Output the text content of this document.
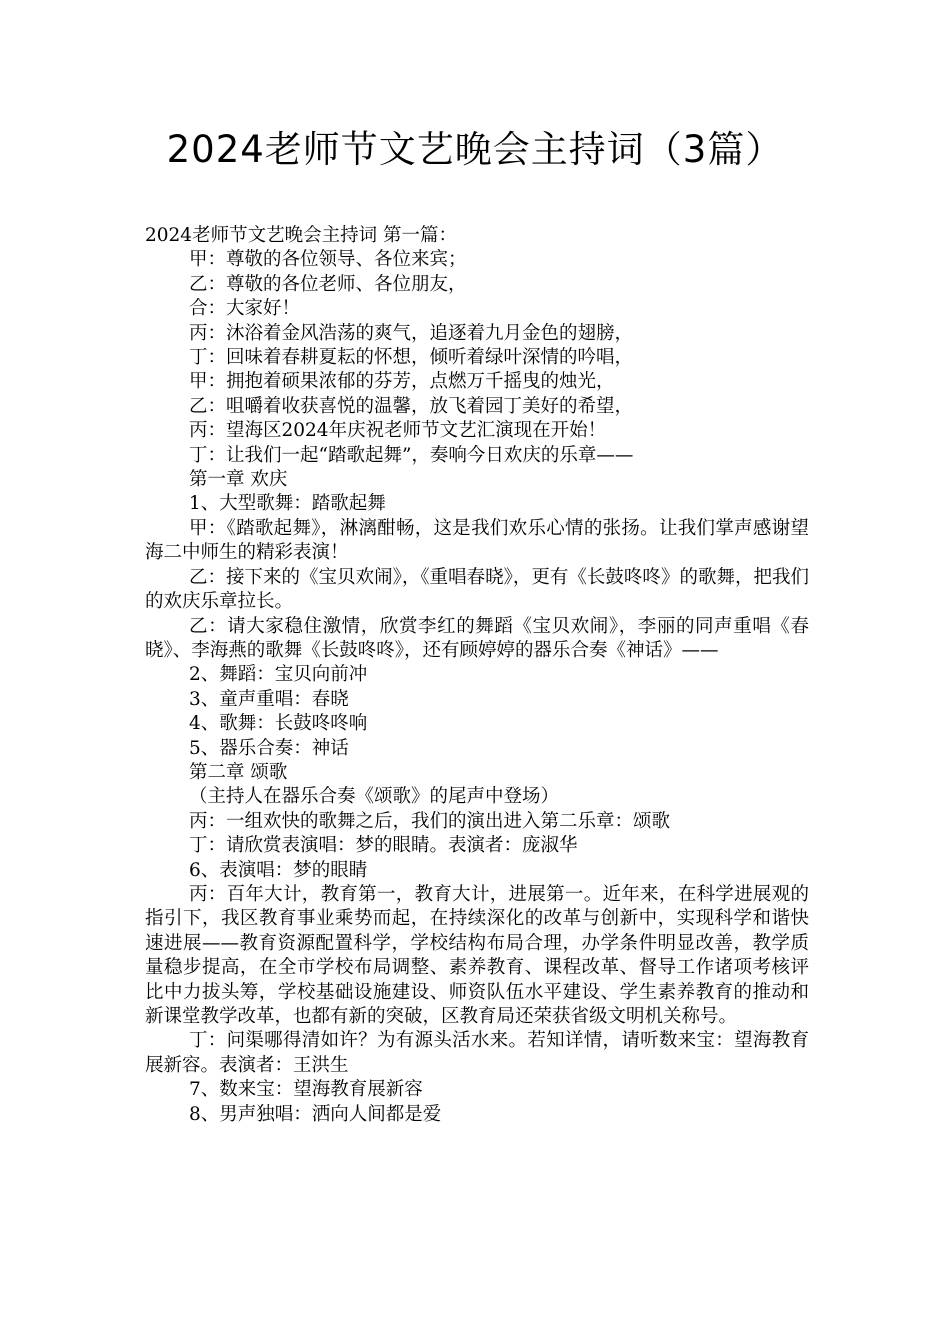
2024老师节文艺晚会主持词（3篇）

2024老师节文艺晚会主持词 第一篇：

甲：尊敬的各位领导、各位来宾；

乙：尊敬的各位老师、各位朋友，

合：大家好！

丙：沐浴着金风浩荡的爽气，追逐着九月金色的翅膀，

丁：回味着春耕夏耘的怀想，倾听着绿叶深情的吟唱，

甲：拥抱着硕果浓郁的芬芳，点燃万千摇曳的烛光，

乙：咀嚼着收获喜悦的温馨，放飞着园丁美好的希望，

丙：望海区2024年庆祝老师节文艺汇演现在开始！

丁：让我们一起“踏歌起舞”，奏响今日欢庆的乐章——

第一章 欢庆

1、大型歌舞：踏歌起舞

甲：《踏歌起舞》，淋漓酣畅，这是我们欢乐心情的张扬。让我们掌声感谢望海二中师生的精彩表演！

乙：接下来的《宝贝欢闹》，《重唱春晓》，更有《长鼓咚咚》的歌舞，把我们的欢庆乐章拉长。

乙：请大家稳住激情，欣赏李红的舞蹈《宝贝欢闹》，李丽的同声重唱《春晓》、李海燕的歌舞《长鼓咚咚》，还有顾婷婷的器乐合奏《神话》——

2、舞蹈：宝贝向前冲

3、童声重唱：春晓

4、歌舞：长鼓咚咚响

5、器乐合奏：神话

第二章 颂歌

（主持人在器乐合奏《颂歌》的尾声中登场）

丙：一组欢快的歌舞之后，我们的演出进入第二乐章：颂歌

丁：请欣赏表演唱：梦的眼睛。表演者：庞淑华

6、表演唱：梦的眼睛

丙：百年大计，教育第一，教育大计，进展第一。近年来，在科学进展观的指引下，我区教育事业乘势而起，在持续深化的改革与创新中，实现科学和谐快速进展——教育资源配置科学，学校结构布局合理，办学条件明显改善，教学质量稳步提高，在全市学校布局调整、素养教育、课程改革、督导工作诸项考核评比中力拔头筹，学校基础设施建设、师资队伍水平建设、学生素养教育的推动和新课堂教学改革，也都有新的突破，区教育局还荣获省级文明机关称号。

丁：问渠哪得清如许？为有源头活水来。若知详情，请听数来宝：望海教育展新容。表演者：王洪生

7、数来宝：望海教育展新容

8、男声独唱：洒向人间都是爱
